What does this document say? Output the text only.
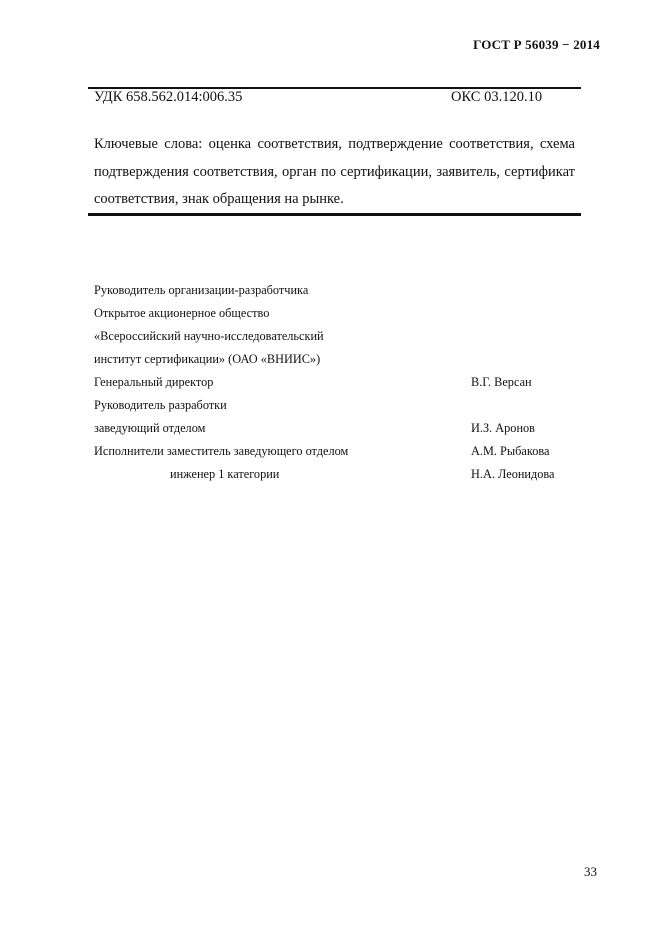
ГОСТ Р 56039 − 2014
УДК 658.562.014:006.35	ОКС 03.120.10
Ключевые слова: оценка соответствия, подтверждение соответствия, схема подтверждения соответствия, орган по сертификации, заявитель, сертификат соответствия, знак обращения на рынке.
Руководитель организации-разработчика
Открытое акционерное общество
«Всероссийский научно-исследовательский
институт сертификации» (ОАО «ВНИИС»)
Генеральный директор	В.Г. Версан
Руководитель разработки
заведующий отделом	И.З. Аронов
Исполнители заместитель заведующего отделом	А.М. Рыбакова
инженер 1 категории	Н.А. Леонидова
33
